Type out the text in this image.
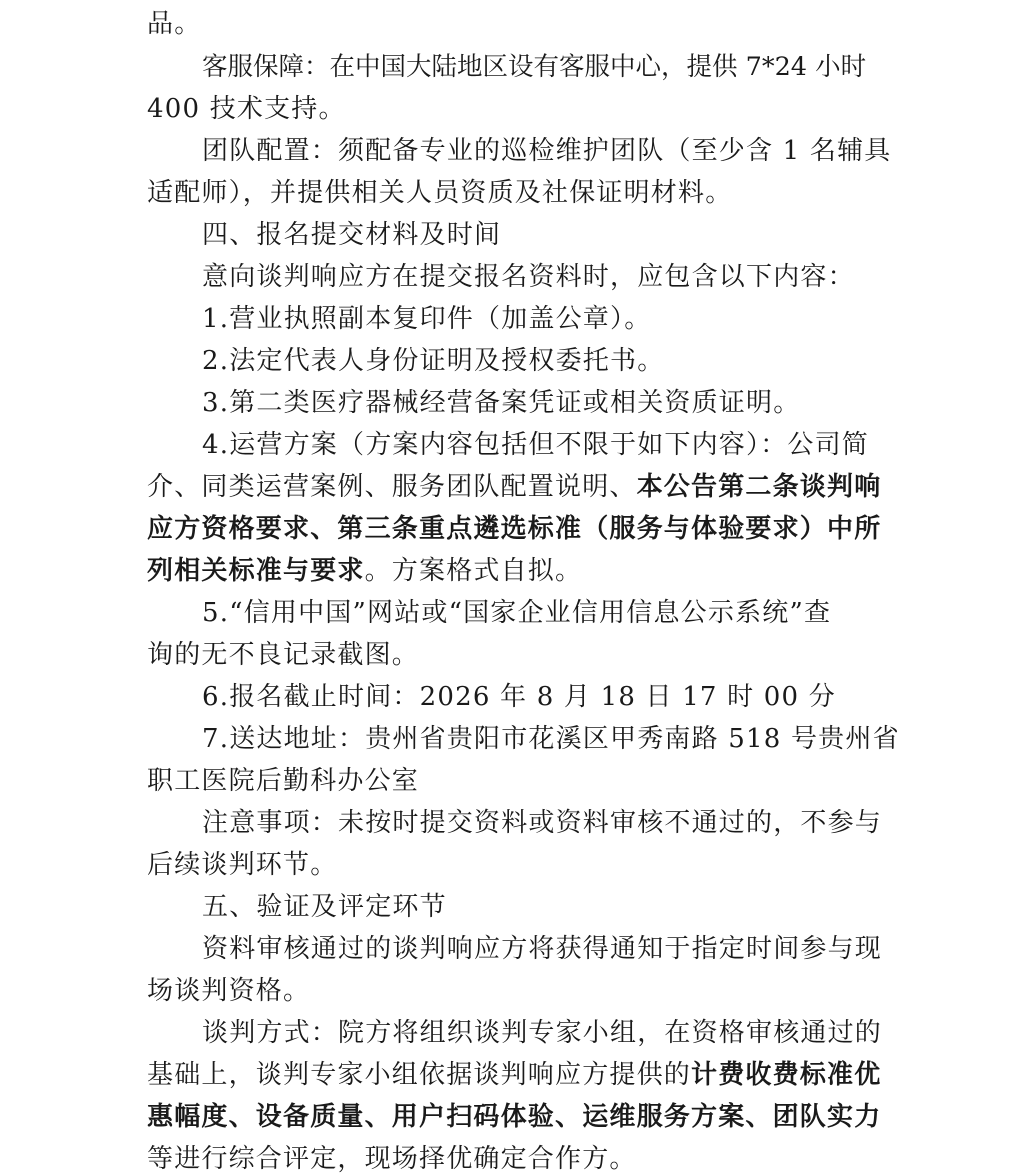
品。
客服保障：在中国大陆地区设有客服中心，提供 7*24 小时
400 技术支持。
团队配置：须配备专业的巡检维护团队（至少含 1 名辅具
适配师），并提供相关人员资质及社保证明材料。
四、报名提交材料及时间
意向谈判响应方在提交报名资料时，应包含以下内容：
1.营业执照副本复印件（加盖公章）。
2.法定代表人身份证明及授权委托书。
3.第二类医疗器械经营备案凭证或相关资质证明。
4.运营方案（方案内容包括但不限于如下内容）：公司简
介、同类运营案例、服务团队配置说明、本公告第二条谈判响
应方资格要求、第三条重点遴选标准（服务与体验要求）中所
列相关标准与要求。方案格式自拟。
5.“信用中国”网站或“国家企业信用信息公示系统”查
询的无不良记录截图。
6.报名截止时间：2026 年 8 月 18 日 17 时 00 分
7.送达地址：贵州省贵阳市花溪区甲秀南路 518 号贵州省
职工医院后勤科办公室
注意事项：未按时提交资料或资料审核不通过的，不参与
后续谈判环节。
五、验证及评定环节
资料审核通过的谈判响应方将获得通知于指定时间参与现
场谈判资格。
谈判方式：院方将组织谈判专家小组，在资格审核通过的
基础上，谈判专家小组依据谈判响应方提供的计费收费标准优
惠幅度、设备质量、用户扫码体验、运维服务方案、团队实力
等进行综合评定，现场择优确定合作方。
